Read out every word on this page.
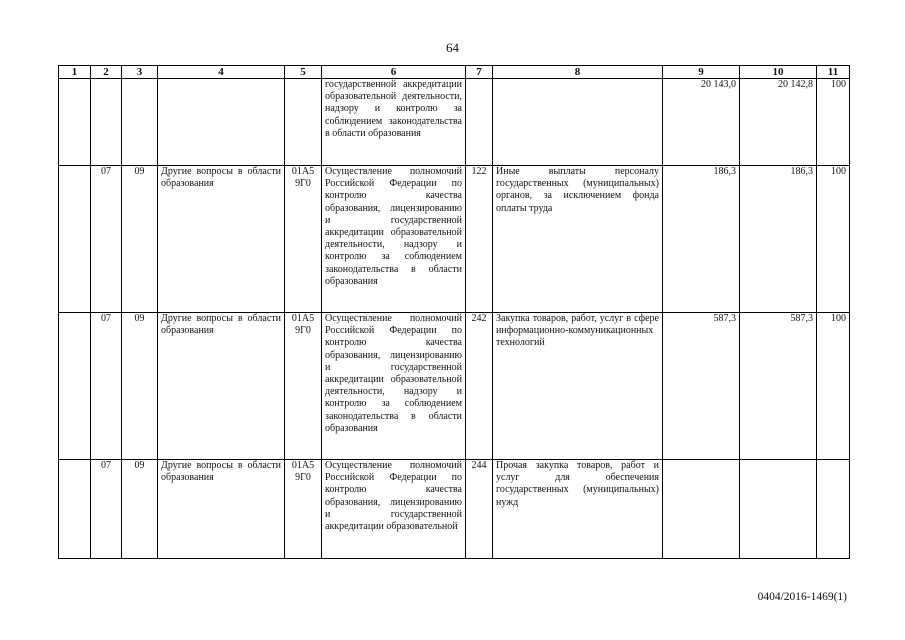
64
1	2	3	4	5	6	7	8	9	10	11
					государственной аккредитации образовательной деятельности, надзору и контролю за соблюдением законодательства в области образования			20 143,0	20 142,8	100
	07	09	Другие вопросы в области образования	01А5 9Г0	Осуществление полномочий Российской Федерации по контролю качества образования, лицензированию и государственной аккредитации образовательной деятельности, надзору и контролю за соблюдением законодательства в области образования	122	Иные выплаты персоналу государственных (муниципальных) органов, за исключением фонда оплаты труда	186,3	186,3	100
	07	09	Другие вопросы в области образования	01А5 9Г0	Осуществление полномочий Российской Федерации по контролю качества образования, лицензированию и государственной аккредитации образовательной деятельности, надзору и контролю за соблюдением законодательства в области образования	242	Закупка товаров, работ, услуг в сфере информационно-коммуникационных технологий	587,3	587,3	100
	07	09	Другие вопросы в области образования	01А5 9Г0	Осуществление полномочий Российской Федерации по контролю качества образования, лицензированию и государственной аккредитации образовательной	244	Прочая закупка товаров, работ и услуг для обеспечения государственных (муниципальных) нужд			
0404/2016-1469(1)
